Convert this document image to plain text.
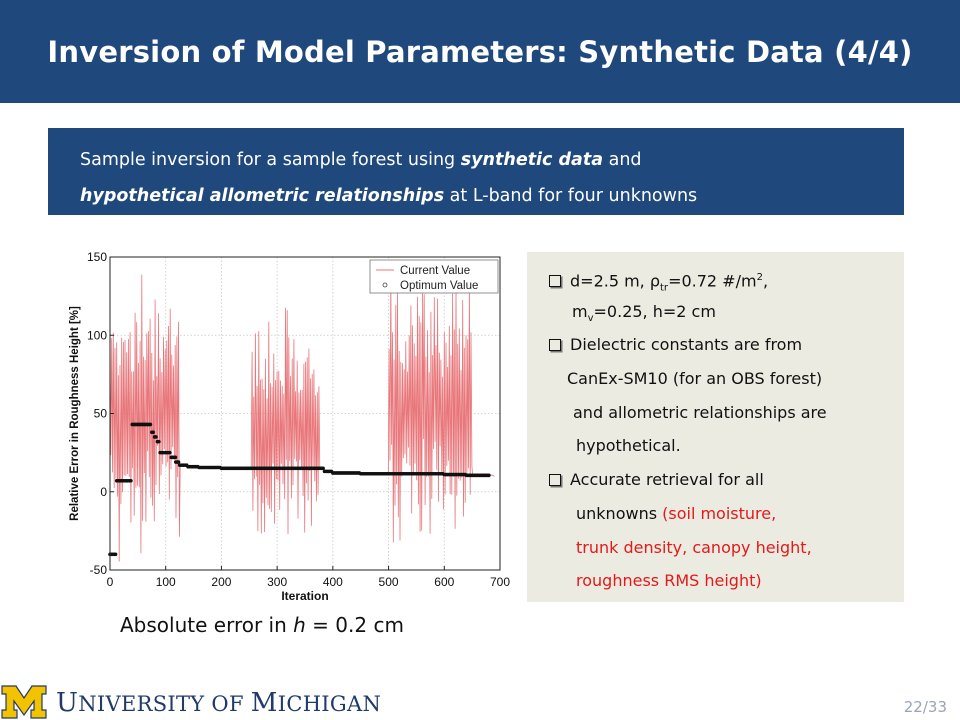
Inversion of Model Parameters: Synthetic Data (4/4)
Sample inversion for a sample forest using synthetic data and
hypothetical allometric relationships at L-band for four unknowns
0	100	200	300	400	500	600	700
-50
0
50
100
150
Iteration
Relative Error in Roughness Height [%]
Current Value
Optimum Value
Absolute error in h = 0.2 cm
d=2.5 m, $\rho_{tr}=0.72$ $\#/m^2$,
$m_v=0.25$, h=2 cm
Dielectric constants are from
CanEx-SM10 (for an OBS forest)
and allometric relationships are
hypothetical.
Accurate retrieval for all
unknowns (soil moisture,
trunk density, canopy height,
roughness RMS height)
UNIVERSITY OF MICHIGAN	22/33
